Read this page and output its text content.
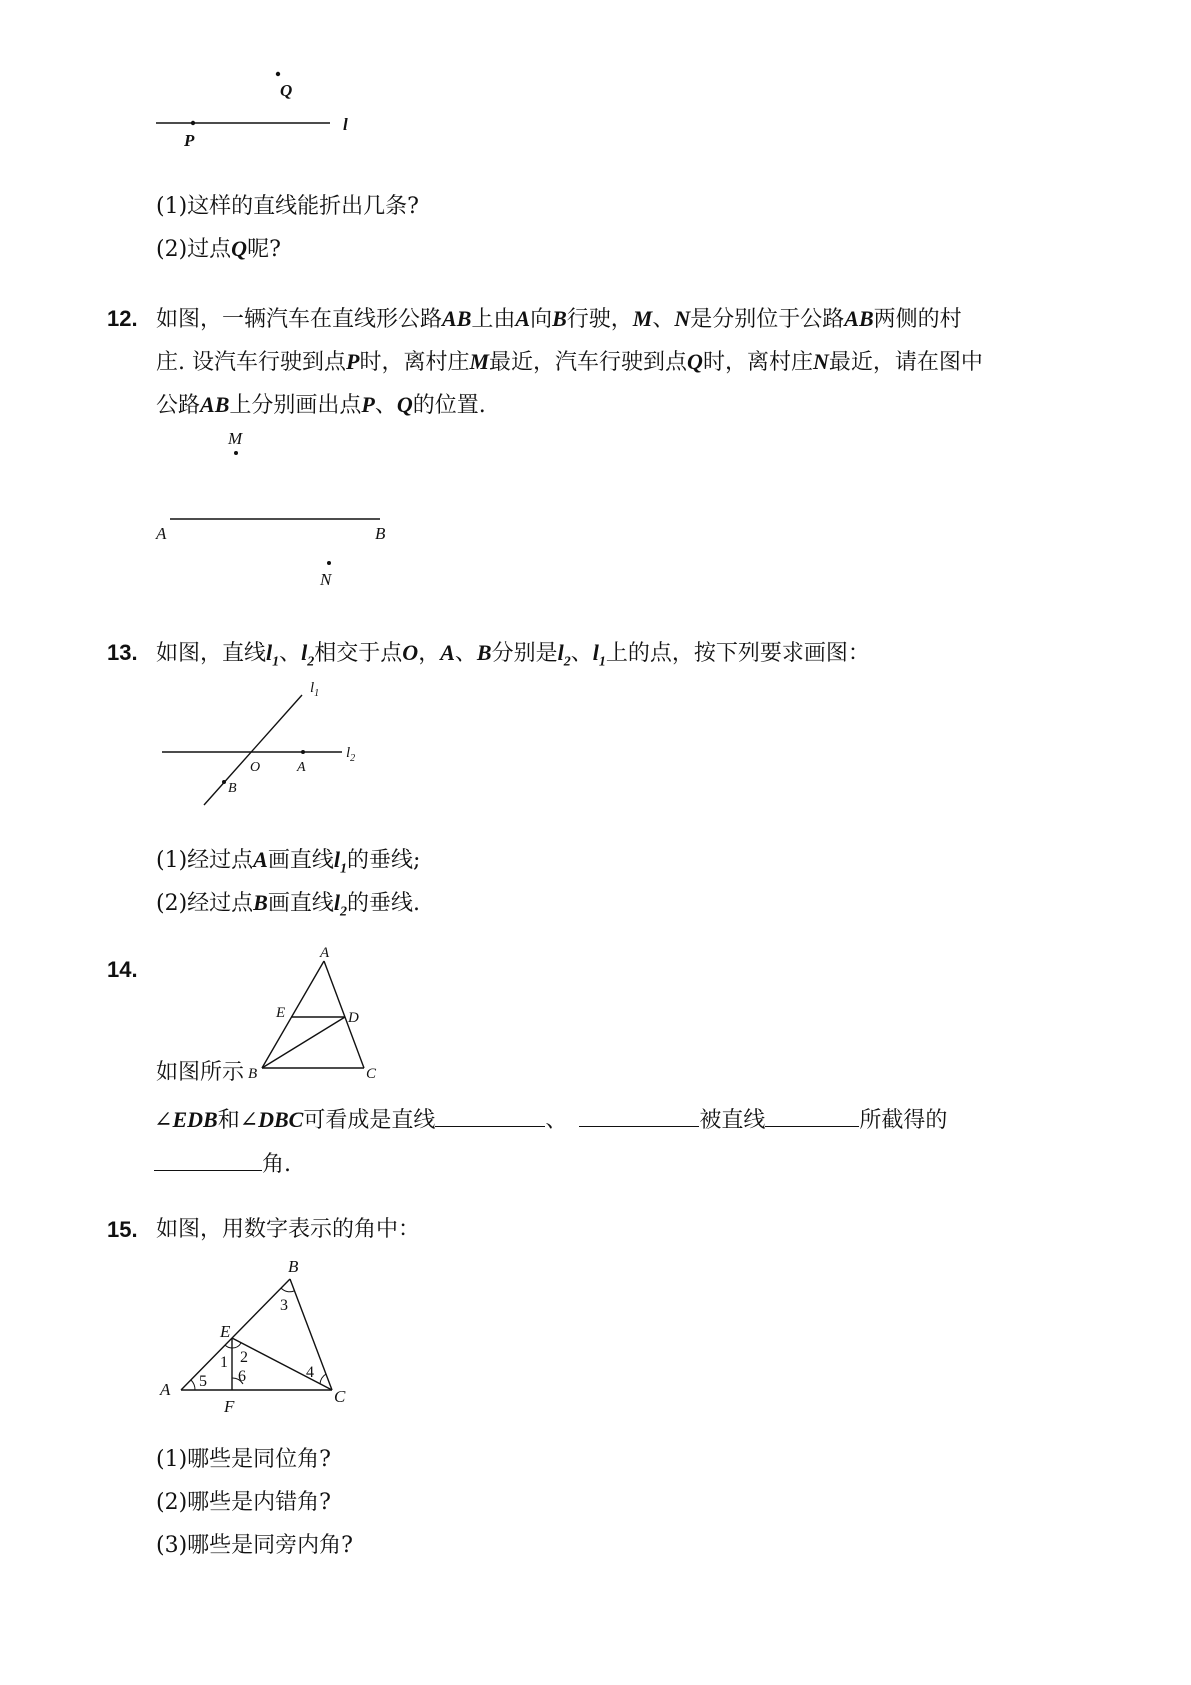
Q
P
l
(1)这样的直线能折出几条?
(2)过点Q呢?
12. 如图，一辆汽车在直线形公路AB上由A向B行驶，M、N是分别位于公路AB两侧的村
庄. 设汽车行驶到点P时，离村庄M最近，汽车行驶到点Q时，离村庄N最近，请在图中
公路AB上分别画出点P、Q的位置.
M
A	B
N
13. 如图，直线$l_1$、$l_2$相交于点O，A、B分别是$l_2$、$l_1$上的点，按下列要求画图：
$l_1$
$l_2$
O	A
B
(1)经过点A画直线$l_1$的垂线;
(2)经过点B画直线$l_2$的垂线.
14.
A
E	D
B	C
如图所示
∠EDB和∠DBC可看成是直线	、	被直线	所截得的
角.
15. 如图，用数字表示的角中：
B
E
A
F
C
1 2
3
4
5 6
(1)哪些是同位角?
(2)哪些是内错角?
(3)哪些是同旁内角?
